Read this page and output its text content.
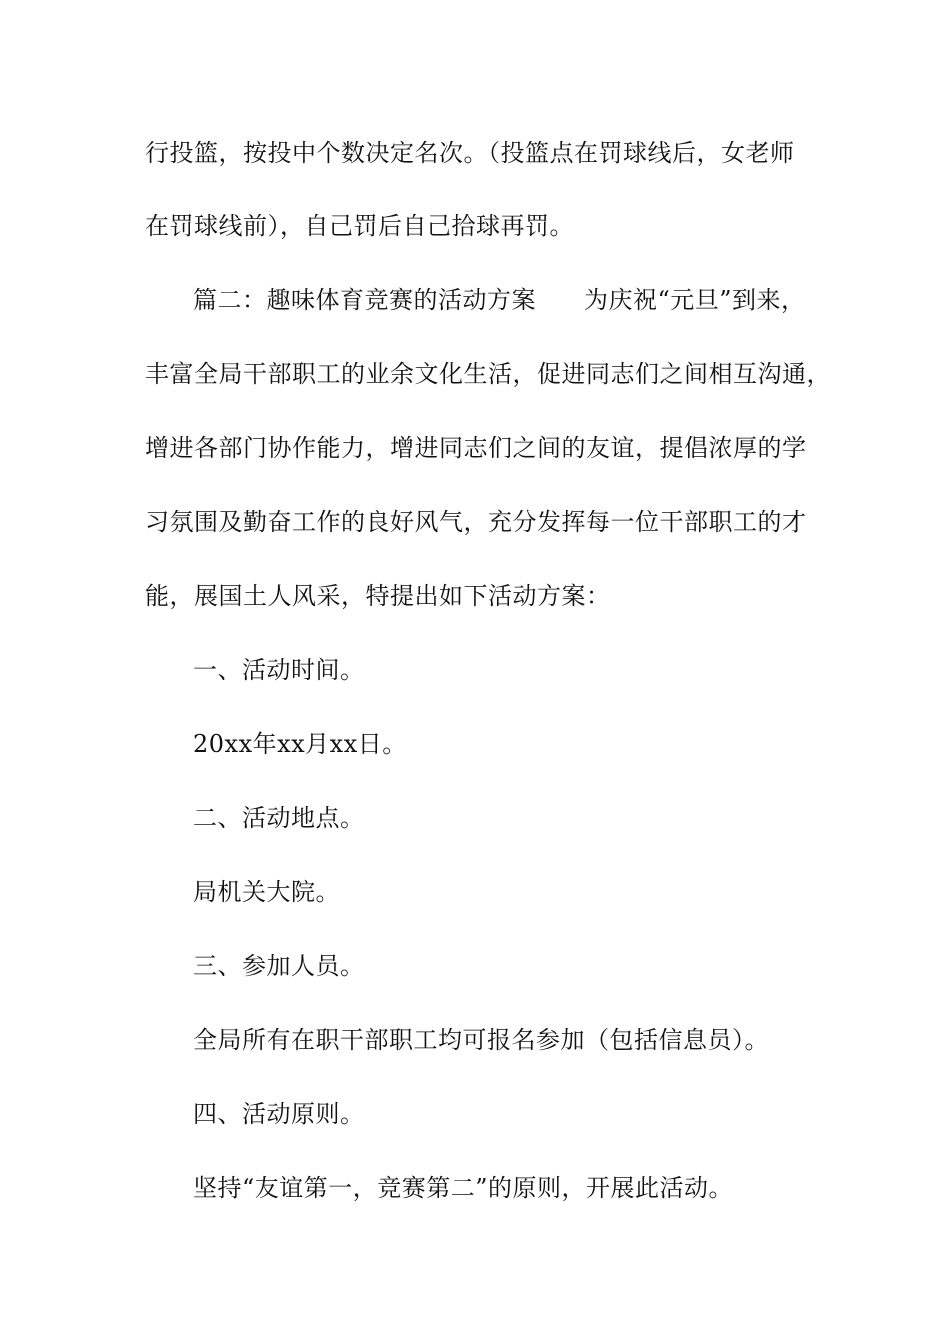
行投篮，按投中个数决定名次。（投篮点在罚球线后，女老师
在罚球线前），自己罚后自己拾球再罚。
篇二：趣味体育竞赛的活动方案 为庆祝“元旦”到来，
丰富全局干部职工的业余文化生活，促进同志们之间相互沟通，
增进各部门协作能力，增进同志们之间的友谊，提倡浓厚的学
习氛围及勤奋工作的良好风气，充分发挥每一位干部职工的才
能，展国土人风采，特提出如下活动方案：
一、活动时间。
20xx年xx月xx日。
二、活动地点。
局机关大院。
三、参加人员。
全局所有在职干部职工均可报名参加（包括信息员）。
四、活动原则。
坚持“友谊第一，竞赛第二”的原则，开展此活动。
